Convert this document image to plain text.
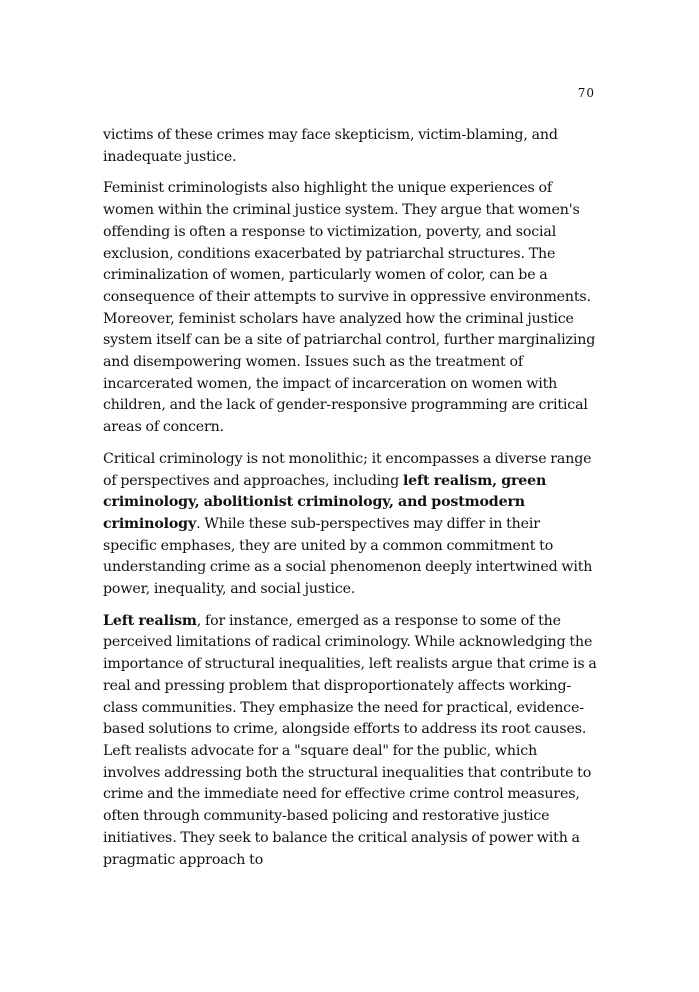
70

victims of these crimes may face skepticism, victim-blaming, and inadequate justice.

Feminist criminologists also highlight the unique experiences of women within the criminal justice system. They argue that women's offending is often a response to victimization, poverty, and social exclusion, conditions exacerbated by patriarchal structures. The criminalization of women, particularly women of color, can be a consequence of their attempts to survive in oppressive environments. Moreover, feminist scholars have analyzed how the criminal justice system itself can be a site of patriarchal control, further marginalizing and disempowering women. Issues such as the treatment of incarcerated women, the impact of incarceration on women with children, and the lack of gender-responsive programming are critical areas of concern.

Critical criminology is not monolithic; it encompasses a diverse range of perspectives and approaches, including left realism, green criminology, abolitionist criminology, and postmodern criminology. While these sub-perspectives may differ in their specific emphases, they are united by a common commitment to understanding crime as a social phenomenon deeply intertwined with power, inequality, and social justice.

Left realism, for instance, emerged as a response to some of the perceived limitations of radical criminology. While acknowledging the importance of structural inequalities, left realists argue that crime is a real and pressing problem that disproportionately affects working-class communities. They emphasize the need for practical, evidence-based solutions to crime, alongside efforts to address its root causes. Left realists advocate for a "square deal" for the public, which involves addressing both the structural inequalities that contribute to crime and the immediate need for effective crime control measures, often through community-based policing and restorative justice initiatives. They seek to balance the critical analysis of power with a pragmatic approach to
